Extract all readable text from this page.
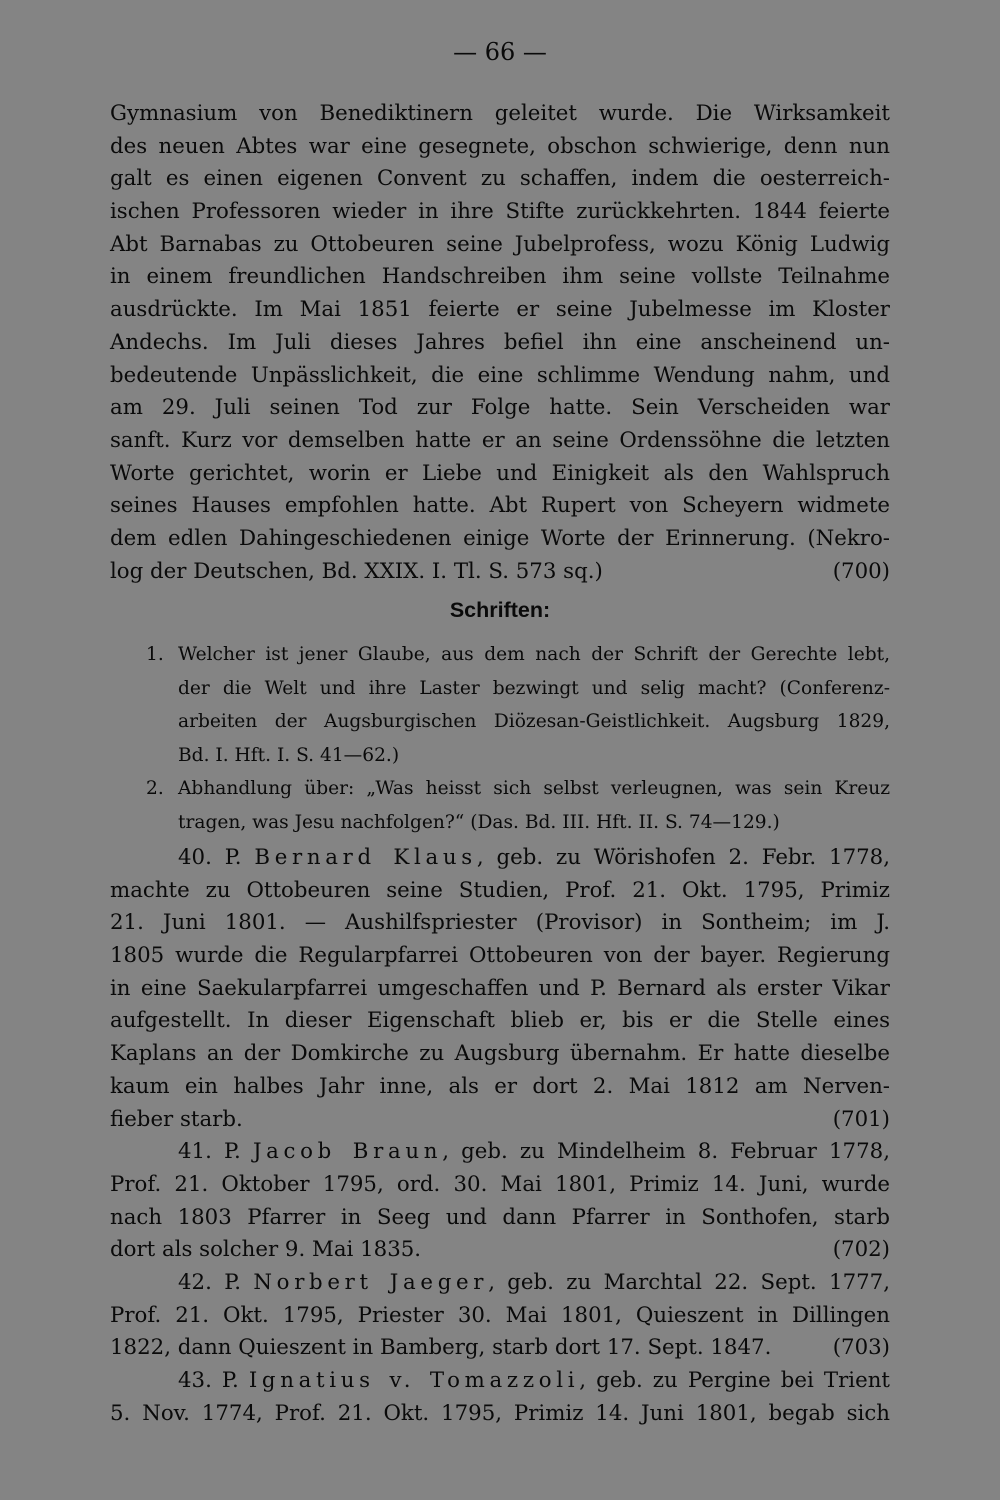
— 66 —
Gymnasium von Benediktinern geleitet wurde. Die Wirksamkeit
des neuen Abtes war eine gesegnete, obschon schwierige, denn nun
galt es einen eigenen Convent zu schaffen, indem die oesterreich-
ischen Professoren wieder in ihre Stifte zurückkehrten. 1844 feierte
Abt Barnabas zu Ottobeuren seine Jubelprofess, wozu König Ludwig
in einem freundlichen Handschreiben ihm seine vollste Teilnahme
ausdrückte. Im Mai 1851 feierte er seine Jubelmesse im Kloster
Andechs. Im Juli dieses Jahres befiel ihn eine anscheinend un-
bedeutende Unpässlichkeit, die eine schlimme Wendung nahm, und
am 29. Juli seinen Tod zur Folge hatte. Sein Verscheiden war
sanft. Kurz vor demselben hatte er an seine Ordenssöhne die letzten
Worte gerichtet, worin er Liebe und Einigkeit als den Wahlspruch
seines Hauses empfohlen hatte. Abt Rupert von Scheyern widmete
dem edlen Dahingeschiedenen einige Worte der Erinnerung. (Nekro-
log der Deutschen, Bd. XXIX. I. Tl. S. 573 sq.)	(700)
Schriften:
1. Welcher ist jener Glaube, aus dem nach der Schrift der Gerechte lebt,
der die Welt und ihre Laster bezwingt und selig macht? (Conferenz-
arbeiten der Augsburgischen Diözesan-Geistlichkeit. Augsburg 1829,
Bd. I. Hft. I. S. 41—62.)
2. Abhandlung über: „Was heisst sich selbst verleugnen, was sein Kreuz
tragen, was Jesu nachfolgen?“ (Das. Bd. III. Hft. II. S. 74—129.)
40. P. Bernard Klaus, geb. zu Wörishofen 2. Febr. 1778,
machte zu Ottobeuren seine Studien, Prof. 21. Okt. 1795, Primiz
21. Juni 1801. — Aushilfspriester (Provisor) in Sontheim; im J.
1805 wurde die Regularpfarrei Ottobeuren von der bayer. Regierung
in eine Saekularpfarrei umgeschaffen und P. Bernard als erster Vikar
aufgestellt. In dieser Eigenschaft blieb er, bis er die Stelle eines
Kaplans an der Domkirche zu Augsburg übernahm. Er hatte dieselbe
kaum ein halbes Jahr inne, als er dort 2. Mai 1812 am Nerven-
fieber starb.	(701)
41. P. Jacob Braun, geb. zu Mindelheim 8. Februar 1778,
Prof. 21. Oktober 1795, ord. 30. Mai 1801, Primiz 14. Juni, wurde
nach 1803 Pfarrer in Seeg und dann Pfarrer in Sonthofen, starb
dort als solcher 9. Mai 1835.	(702)
42. P. Norbert Jaeger, geb. zu Marchtal 22. Sept. 1777,
Prof. 21. Okt. 1795, Priester 30. Mai 1801, Quieszent in Dillingen
1822, dann Quieszent in Bamberg, starb dort 17. Sept. 1847.	(703)
43. P. Ignatius v. Tomazzoli, geb. zu Pergine bei Trient
5. Nov. 1774, Prof. 21. Okt. 1795, Primiz 14. Juni 1801, begab sich
